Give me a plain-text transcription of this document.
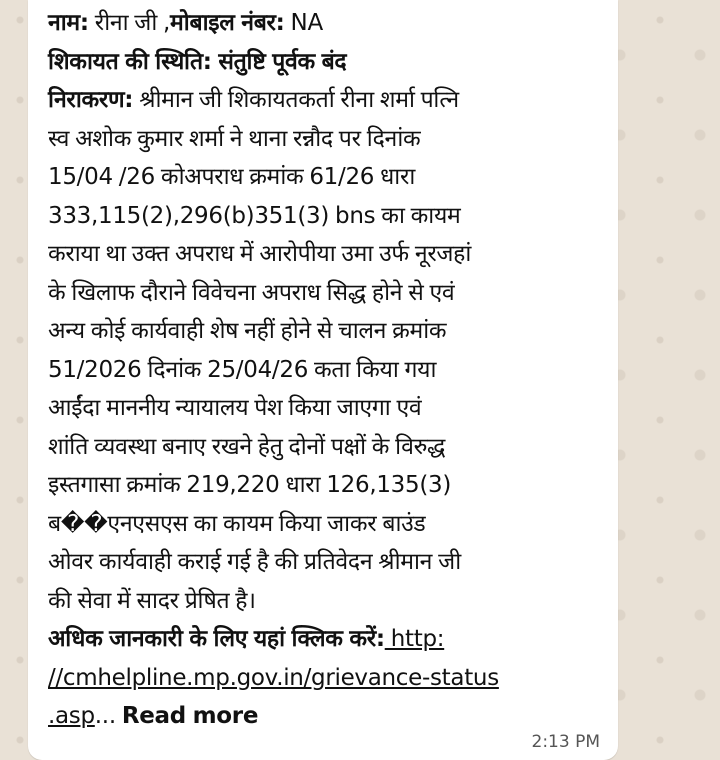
नाम: रीना जी ,मोबाइल नंबर: NA
शिकायत की स्थिति: संतुष्टि पूर्वक बंद
निराकरण: श्रीमान जी शिकायतकर्ता रीना शर्मा पत्नि
स्व अशोक कुमार शर्मा ने थाना रन्नौद पर दिनांक
15/04 /26 कोअपराध क्रमांक 61/26 धारा
333,115(2),296(b)351(3) bns का कायम
कराया था उक्त अपराध में आरोपीया उमा उर्फ नूरजहां
के खिलाफ दौराने विवेचना अपराध सिद्ध होने से एवं
अन्य कोई कार्यवाही शेष नहीं होने से चालन क्रमांक
51/2026 दिनांक 25/04/26 कता किया गया
आईंदा माननीय न्यायालय पेश किया जाएगा एवं
शांति व्यवस्था बनाए रखने हेतु दोनों पक्षों के विरुद्ध
इस्तगासा क्रमांक 219,220 धारा 126,135(3)
ब��एनएसएस का कायम किया जाकर बाउंड
ओवर कार्यवाही कराई गई है की प्रतिवेदन श्रीमान जी
की सेवा में सादर प्रेषित है।
अधिक जानकारी के लिए यहां क्लिक करें: http:
//cmhelpline.mp.gov.in/grievance-status
.asp... Read more
2:13 PM
